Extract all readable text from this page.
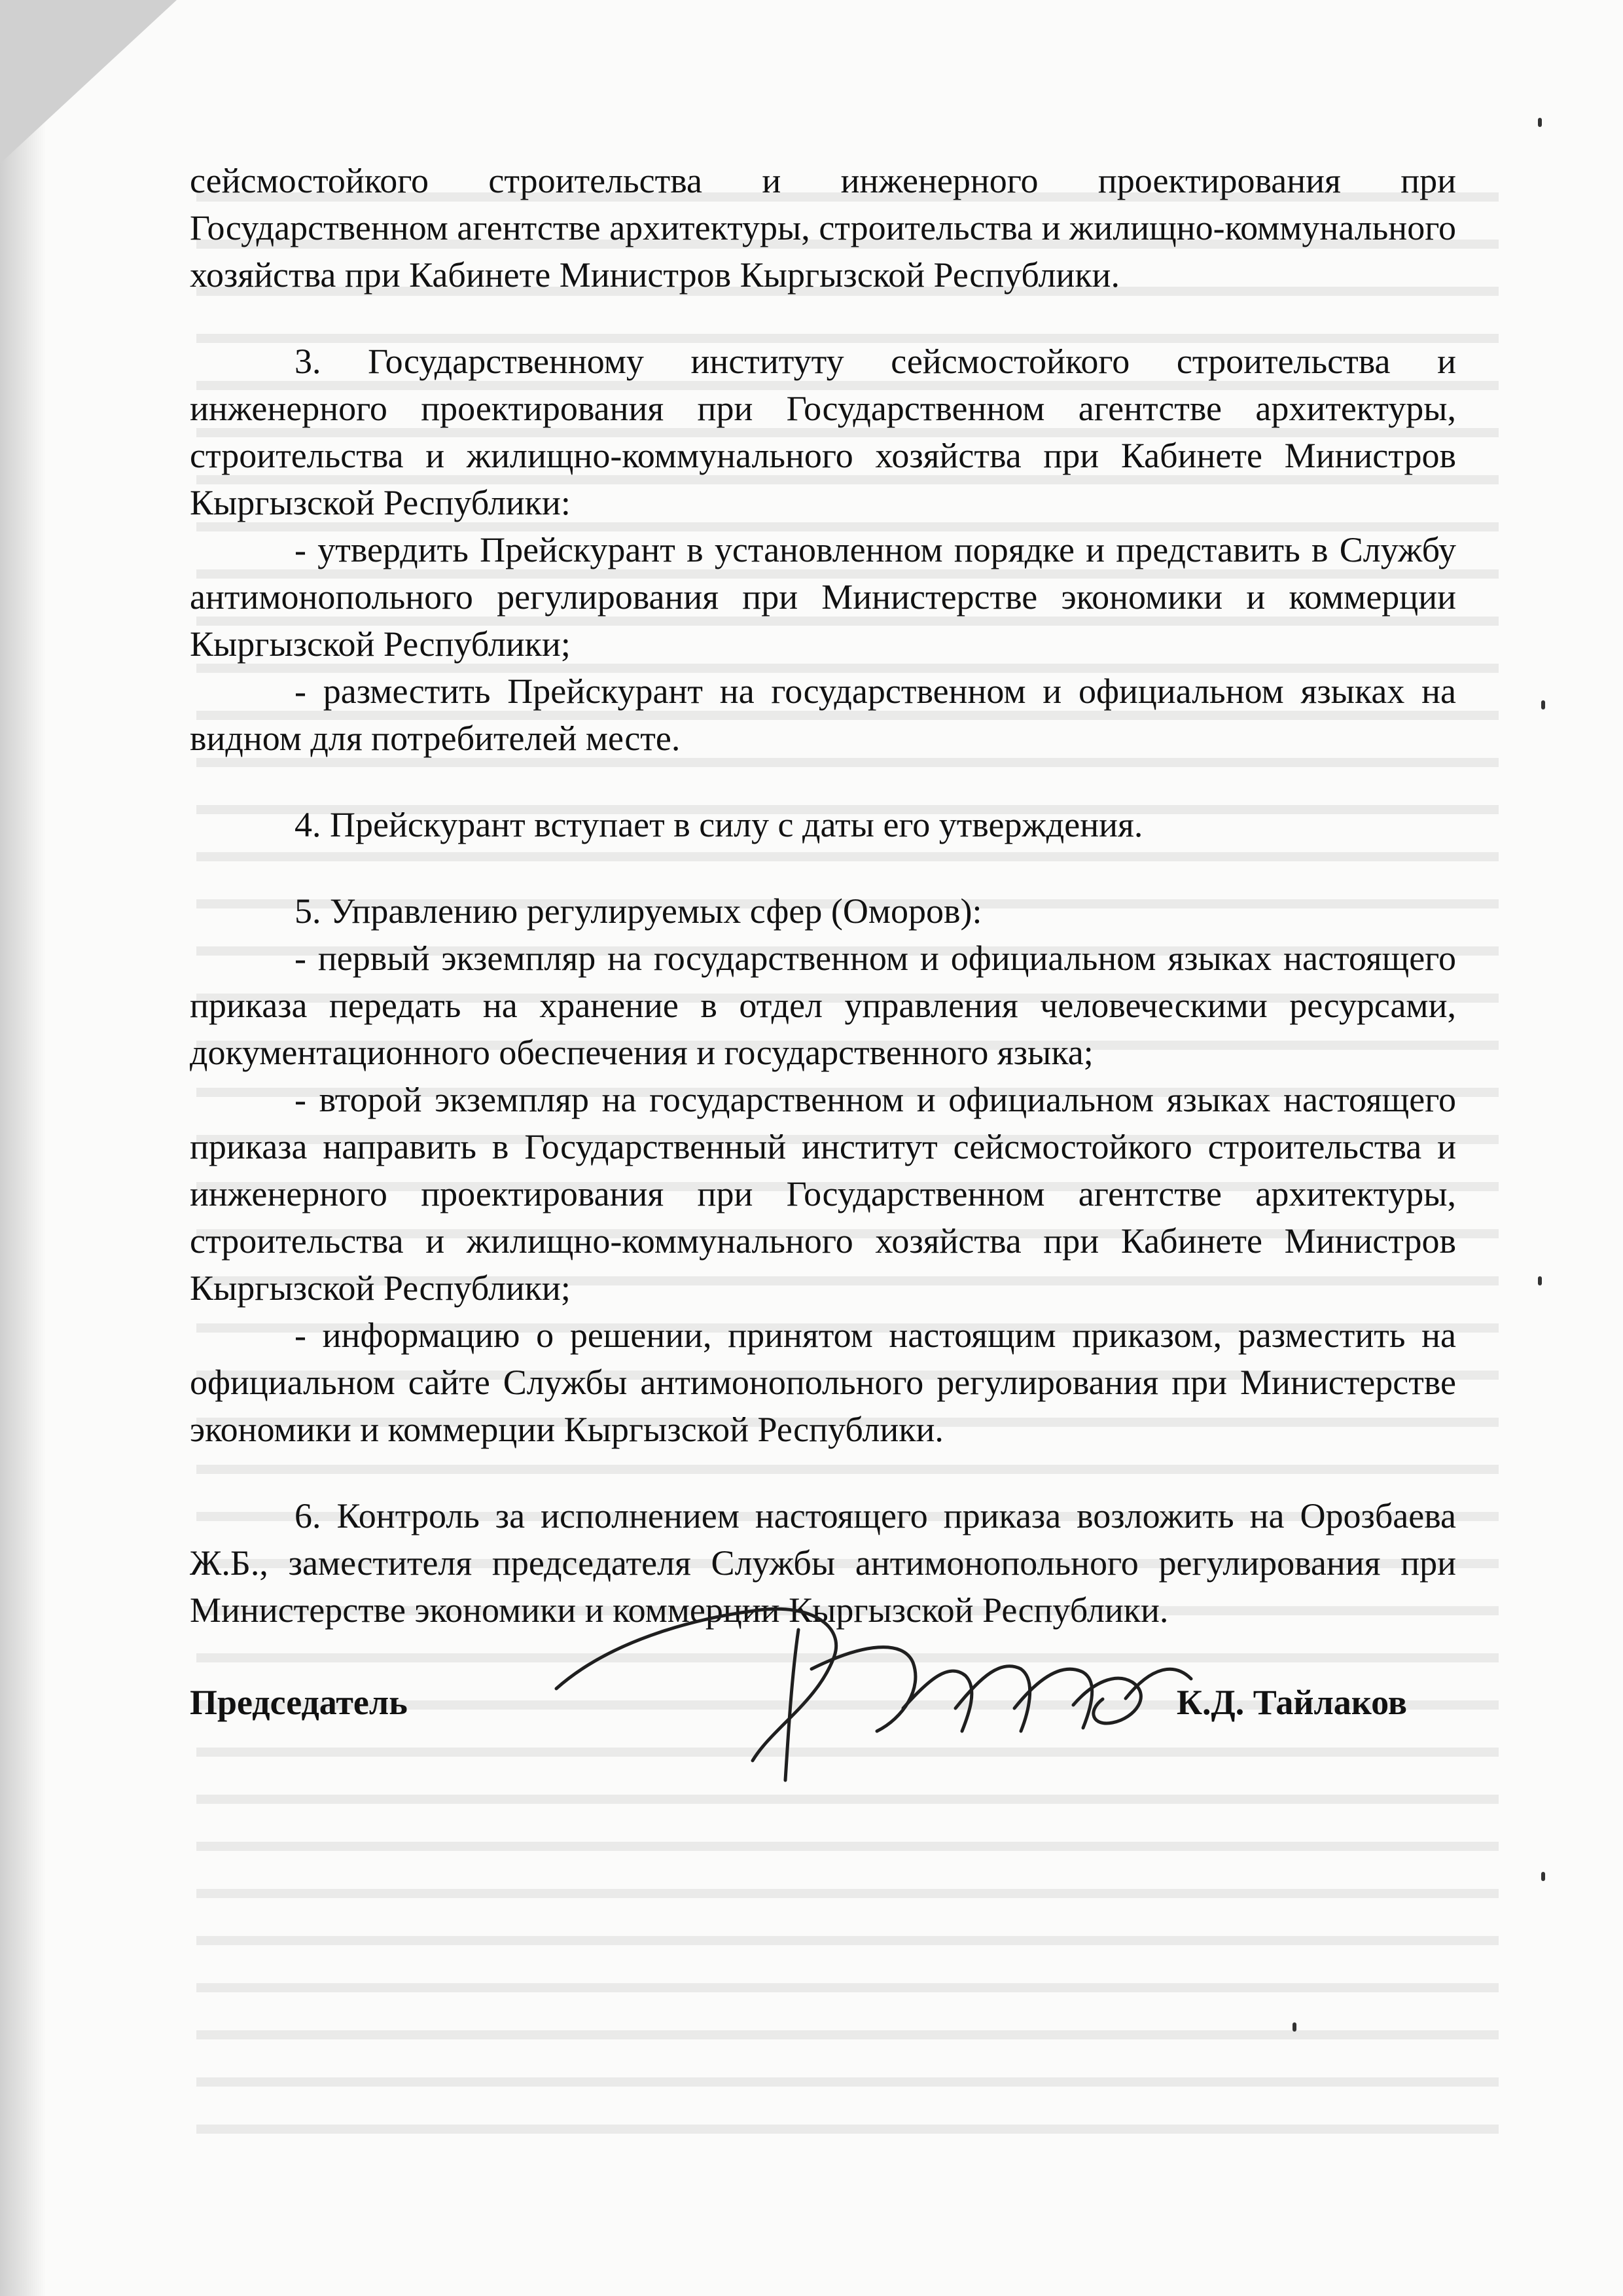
сейсмостойкого строительства и инженерного проектирования при Государственном агентстве архитектуры, строительства и жилищно-коммунального хозяйства при Кабинете Министров Кыргызской Республики.

3. Государственному институту сейсмостойкого строительства и инженерного проектирования при Государственном агентстве архитектуры, строительства и жилищно-коммунального хозяйства при Кабинете Министров Кыргызской Республики:

- утвердить Прейскурант в установленном порядке и представить в Службу антимонопольного регулирования при Министерстве экономики и коммерции Кыргызской Республики;

- разместить Прейскурант на государственном и официальном языках на видном для потребителей месте.

4. Прейскурант вступает в силу с даты его утверждения.

5. Управлению регулируемых сфер (Оморов):

- первый экземпляр на государственном и официальном языках настоящего приказа передать на хранение в отдел управления человеческими ресурсами, документационного обеспечения и государственного языка;

- второй экземпляр на государственном и официальном языках настоящего приказа направить в Государственный институт сейсмостойкого строительства и инженерного проектирования при Государственном агентстве архитектуры, строительства и жилищно-коммунального хозяйства при Кабинете Министров Кыргызской Республики;

- информацию о решении, принятом настоящим приказом, разместить на официальном сайте Службы антимонопольного регулирования при Министерстве экономики и коммерции Кыргызской Республики.

6. Контроль за исполнением настоящего приказа возложить на Орозбаева Ж.Б., заместителя председателя Службы антимонопольного регулирования при Министерстве экономики и коммерции Кыргызской Республики.

Председатель	К.Д. Тайлаков
